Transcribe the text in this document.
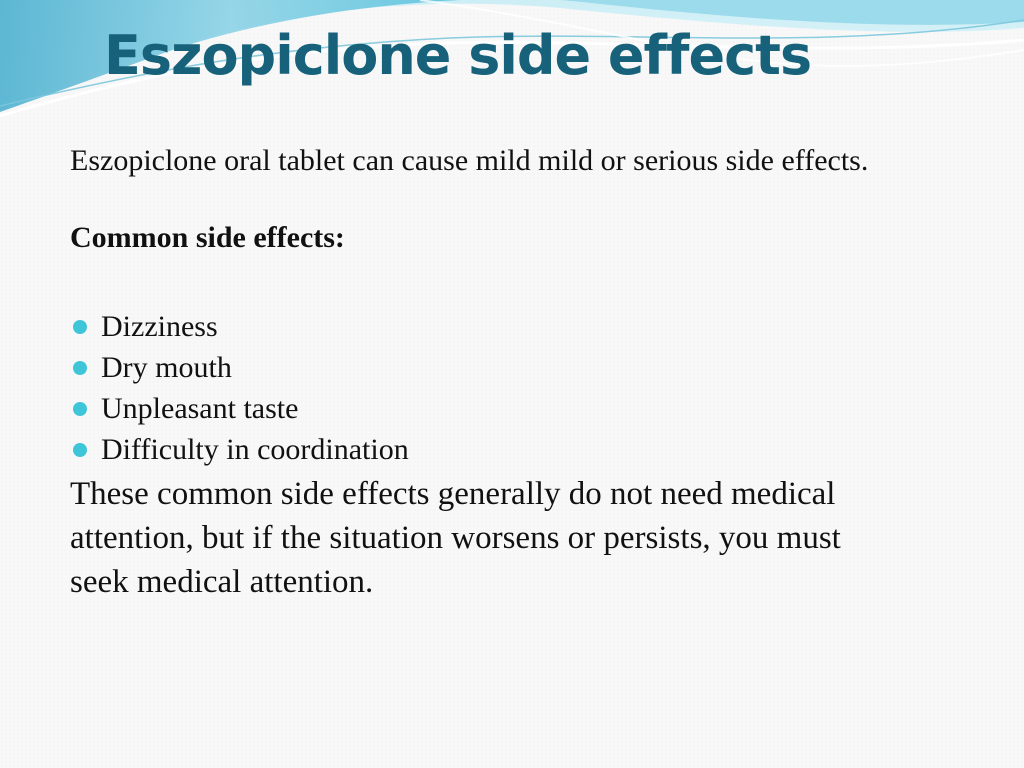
Eszopiclone side effects

Eszopiclone oral tablet can cause mild mild or serious side effects.

Common side effects:

Dizziness
Dry mouth
Unpleasant taste
Difficulty in coordination

These common side effects generally do not need medical attention, but if the situation worsens or persists, you must seek medical attention.
